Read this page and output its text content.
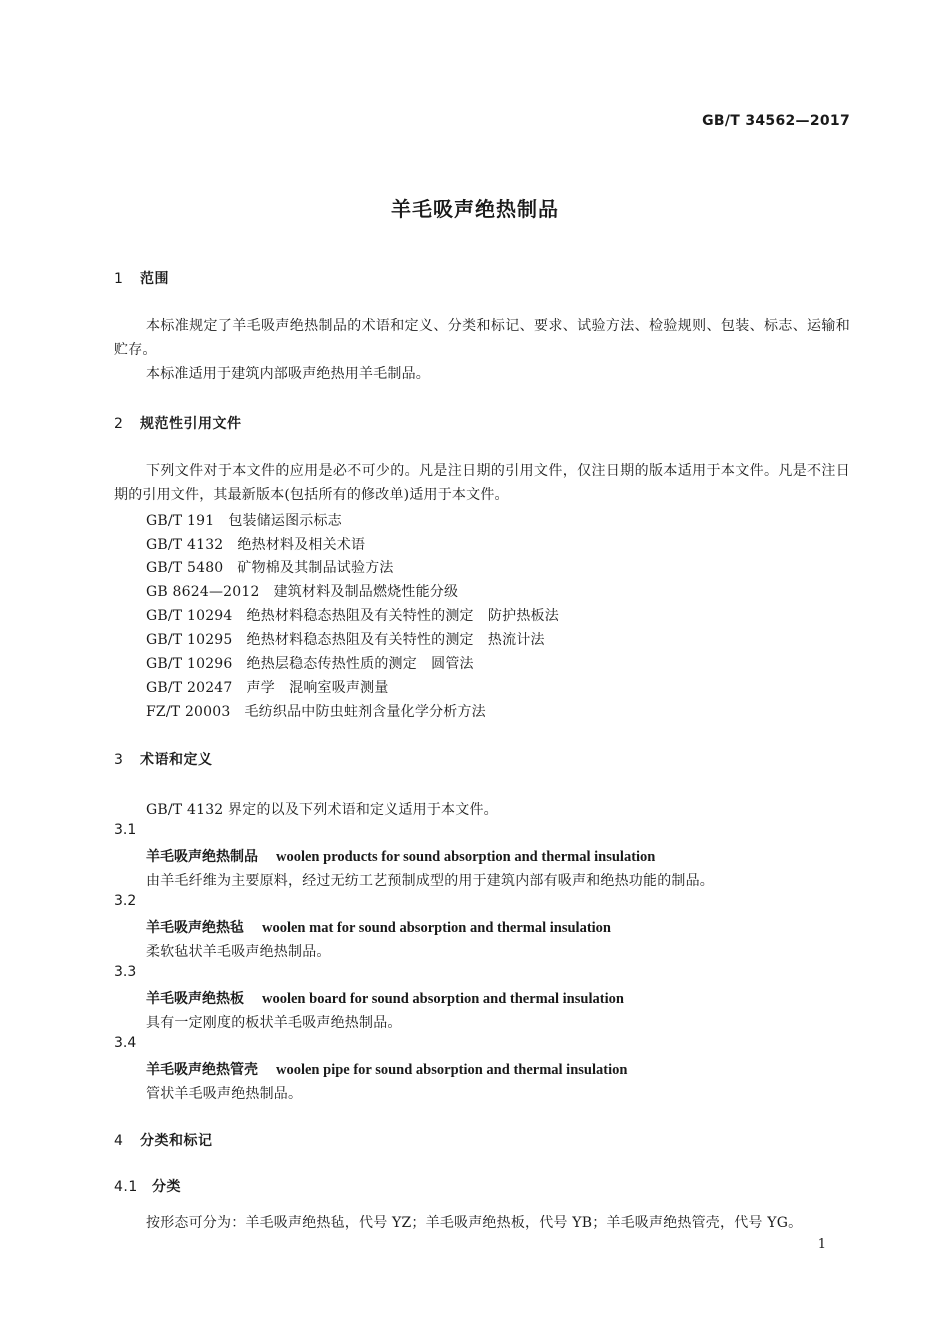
GB/T 34562—2017
羊毛吸声绝热制品
1 范围
本标准规定了羊毛吸声绝热制品的术语和定义、分类和标记、要求、试验方法、检验规则、包装、标志、运输和贮存。
本标准适用于建筑内部吸声绝热用羊毛制品。
2 规范性引用文件
下列文件对于本文件的应用是必不可少的。凡是注日期的引用文件，仅注日期的版本适用于本文件。凡是不注日期的引用文件，其最新版本(包括所有的修改单)适用于本文件。
GB/T 191 包装储运图示标志
GB/T 4132 绝热材料及相关术语
GB/T 5480 矿物棉及其制品试验方法
GB 8624—2012 建筑材料及制品燃烧性能分级
GB/T 10294 绝热材料稳态热阻及有关特性的测定　防护热板法
GB/T 10295 绝热材料稳态热阻及有关特性的测定　热流计法
GB/T 10296 绝热层稳态传热性质的测定　圆管法
GB/T 20247 声学　混响室吸声测量
FZ/T 20003 毛纺织品中防虫蛀剂含量化学分析方法
3 术语和定义
GB/T 4132 界定的以及下列术语和定义适用于本文件。
3.1
羊毛吸声绝热制品 woolen products for sound absorption and thermal insulation
由羊毛纤维为主要原料，经过无纺工艺预制成型的用于建筑内部有吸声和绝热功能的制品。
3.2
羊毛吸声绝热毡 woolen mat for sound absorption and thermal insulation
柔软毡状羊毛吸声绝热制品。
3.3
羊毛吸声绝热板 woolen board for sound absorption and thermal insulation
具有一定刚度的板状羊毛吸声绝热制品。
3.4
羊毛吸声绝热管壳 woolen pipe for sound absorption and thermal insulation
管状羊毛吸声绝热制品。
4 分类和标记
4.1 分类
按形态可分为：羊毛吸声绝热毡，代号 YZ；羊毛吸声绝热板，代号 YB；羊毛吸声绝热管壳，代号 YG。
1
